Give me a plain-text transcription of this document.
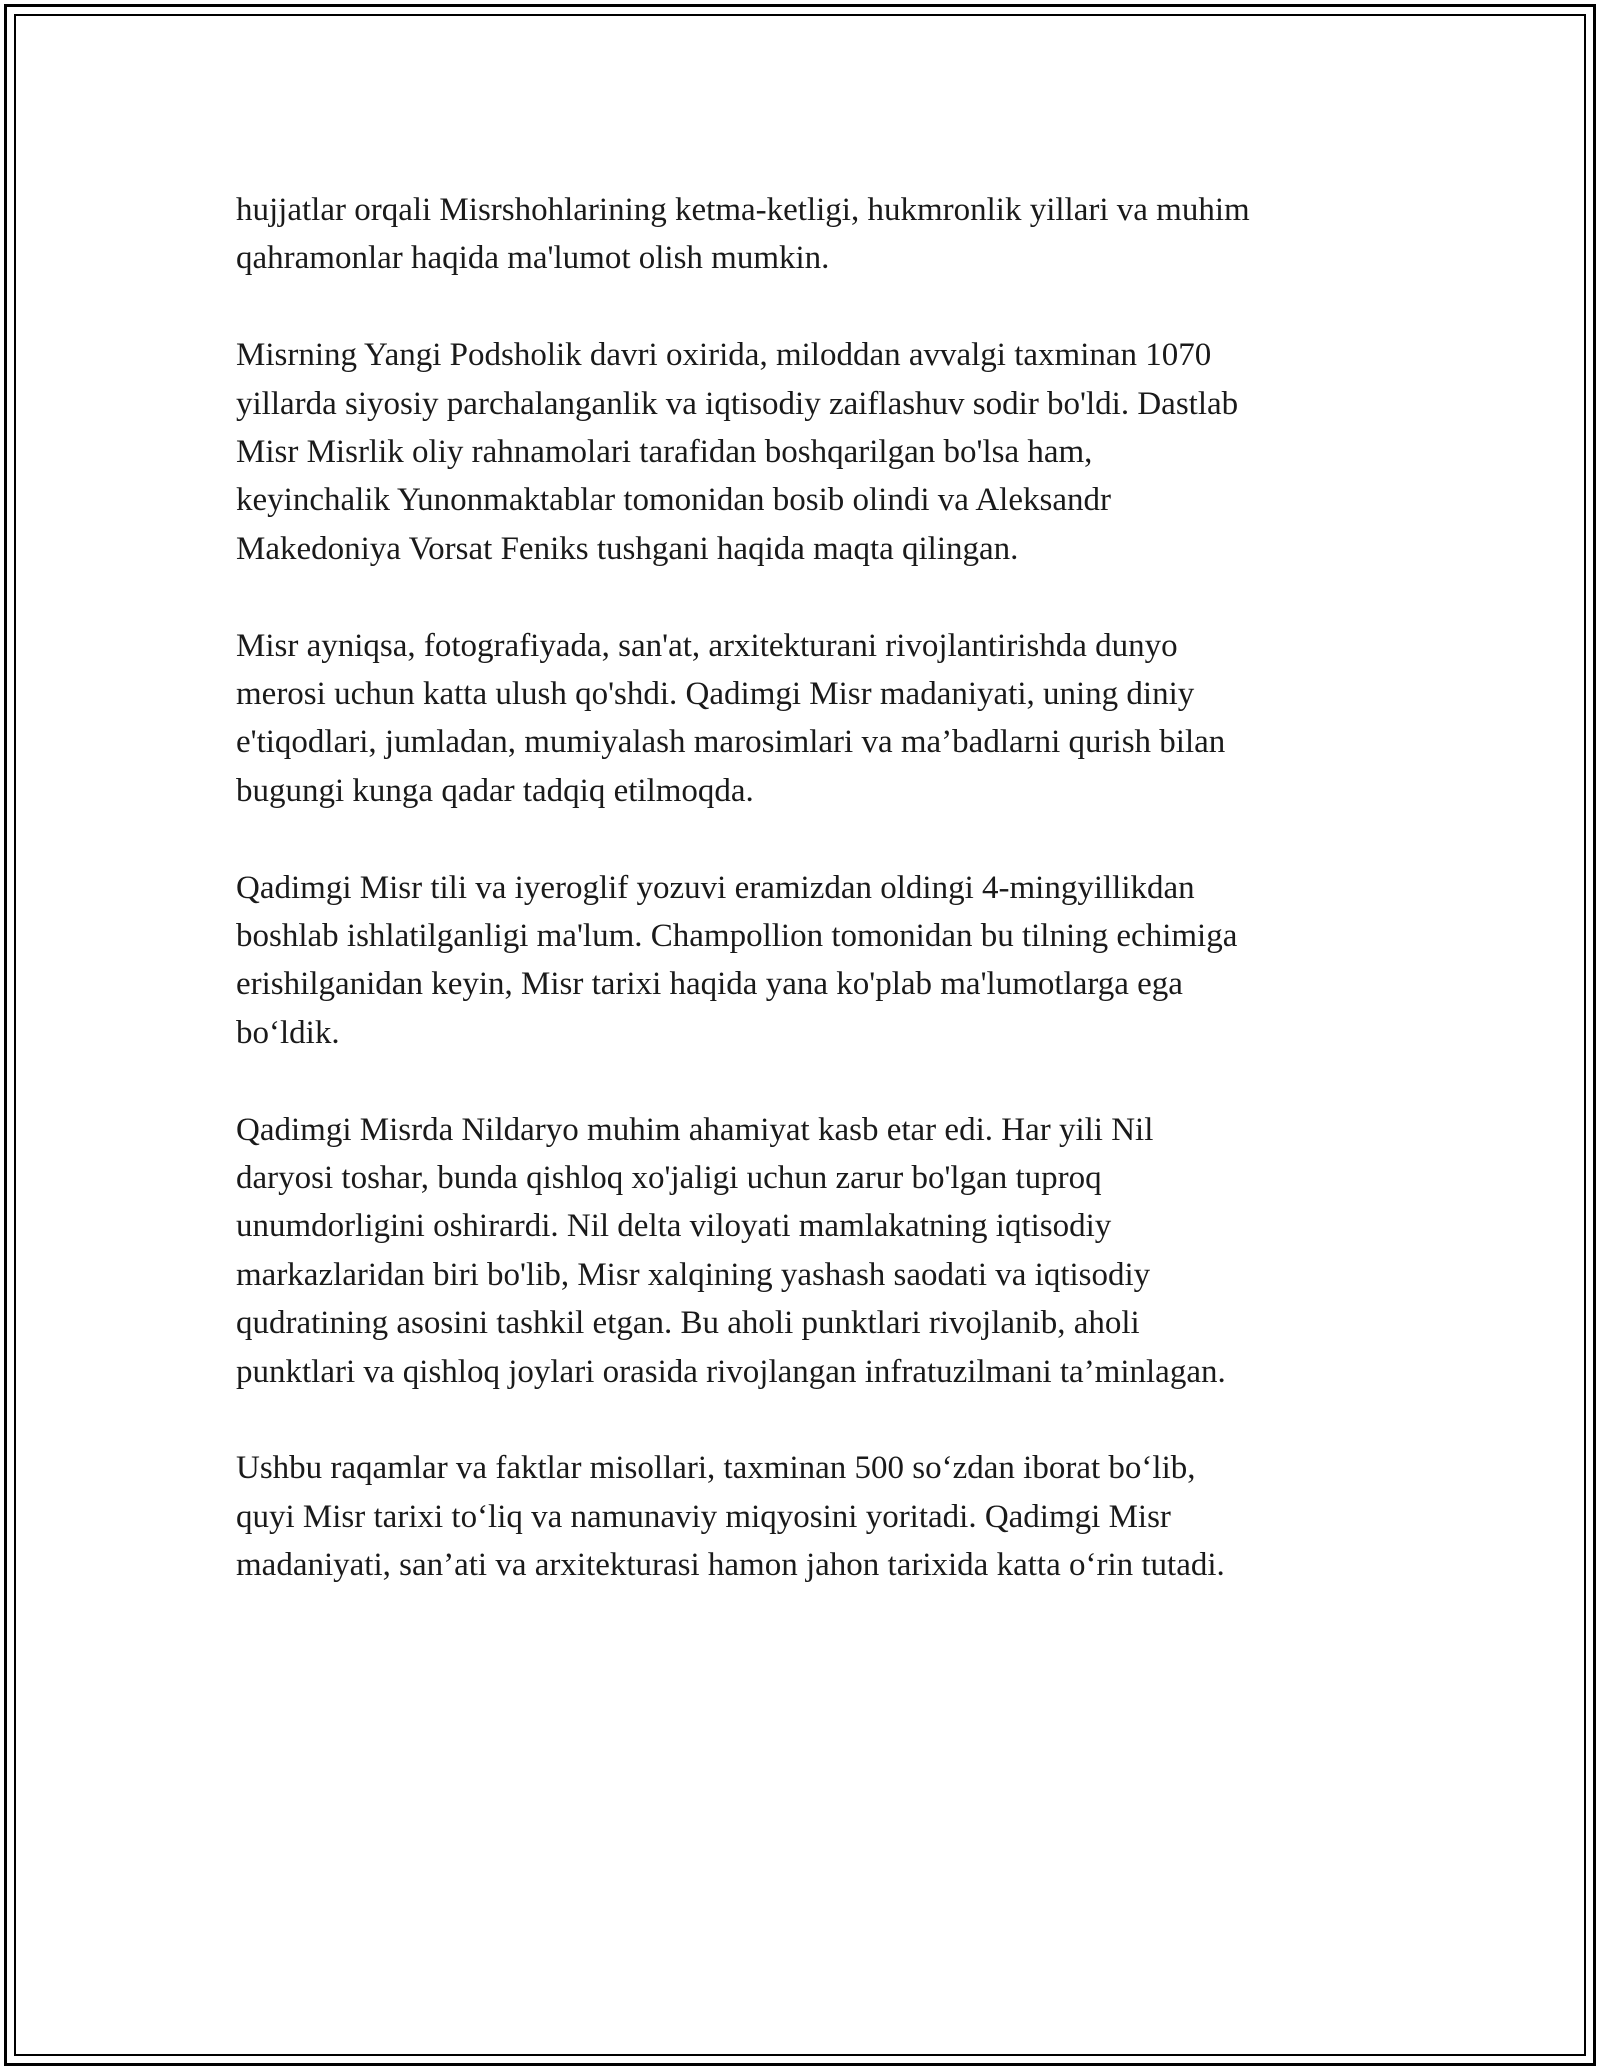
hujjatlar orqali Misrshohlarining ketma-ketligi, hukmronlik yillari va muhim
qahramonlar haqida ma'lumot olish mumkin.

Misrning Yangi Podsholik davri oxirida, miloddan avvalgi taxminan 1070
yillarda siyosiy parchalanganlik va iqtisodiy zaiflashuv sodir bo'ldi. Dastlab
Misr Misrlik oliy rahnamolari tarafidan boshqarilgan bo'lsa ham,
keyinchalik Yunonmaktablar tomonidan bosib olindi va Aleksandr
Makedoniya Vorsat Feniks tushgani haqida maqta qilingan.

Misr ayniqsa, fotografiyada, san'at, arxitekturani rivojlantirishda dunyo
merosi uchun katta ulush qo'shdi. Qadimgi Misr madaniyati, uning diniy
e'tiqodlari, jumladan, mumiyalash marosimlari va ma’badlarni qurish bilan
bugungi kunga qadar tadqiq etilmoqda.

Qadimgi Misr tili va iyeroglif yozuvi eramizdan oldingi 4-mingyillikdan
boshlab ishlatilganligi ma'lum. Champollion tomonidan bu tilning echimiga
erishilganidan keyin, Misr tarixi haqida yana ko'plab ma'lumotlarga ega
bo‘ldik.

Qadimgi Misrda Nildaryo muhim ahamiyat kasb etar edi. Har yili Nil
daryosi toshar, bunda qishloq xo'jaligi uchun zarur bo'lgan tuproq
unumdorligini oshirardi. Nil delta viloyati mamlakatning iqtisodiy
markazlaridan biri bo'lib, Misr xalqining yashash saodati va iqtisodiy
qudratining asosini tashkil etgan. Bu aholi punktlari rivojlanib, aholi
punktlari va qishloq joylari orasida rivojlangan infratuzilmani ta’minlagan.

Ushbu raqamlar va faktlar misollari, taxminan 500 so‘zdan iborat bo‘lib,
quyi Misr tarixi to‘liq va namunaviy miqyosini yoritadi. Qadimgi Misr
madaniyati, san’ati va arxitekturasi hamon jahon tarixida katta o‘rin tutadi.
